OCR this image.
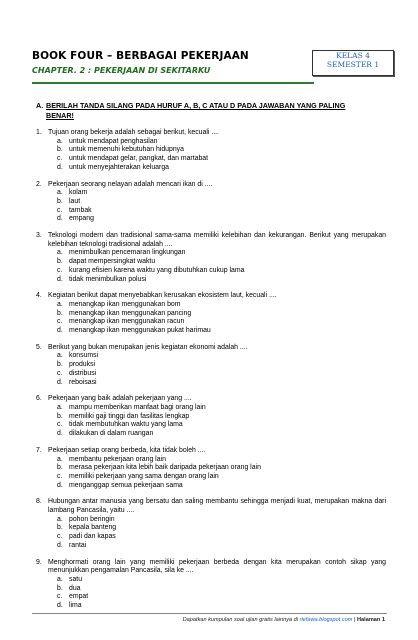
BOOK FOUR – BERBAGAI PEKERJAAN
CHAPTER. 2 : PEKERJAAN DI SEKITARKU
KELAS 4
SEMESTER 1
A. BERILAH TANDA SILANG PADA HURUF A, B, C ATAU D PADA JAWABAN YANG PALING BENAR!
1. Tujuan orang bekerja adalah sebagai berikut, kecuali ....
a. untuk mendapat penghasilan
b. untuk memenuhi kebutuhan hidupnya
c. untuk mendapat gelar, pangkat, dan martabat
d. untuk menyejahterakan keluarga
2. Pekerjaan seorang nelayan adalah mencari ikan di ....
a. kolam
b. laut
c. tambak
d. empang
3. Teknologi modern dan tradisional sama-sama memiliki kelebihan dan kekurangan. Berikut yang merupakan kelebihan teknologi tradisional adalah ....
a. menimbulkan pencemaran lingkungan
b. dapat mempersingkat waktu
c. kurang efisien karena waktu yang dibutuhkan cukup lama
d. tidak menimbulkan polusi
4. Kegiatan berikut dapat menyebabkan kerusakan ekosistem laut, kecuali ....
a. menangkap ikan menggunakan bom
b. menangkap ikan menggunakan pancing
c. menangkap ikan menggunakan racun
d. menangkap ikan menggunakan pukat harimau
5. Berikut yang bukan merupakan jenis kegiatan ekonomi adalah ....
a. konsumsi
b. produksi
c. distribusi
d. reboisasi
6. Pekerjaan yang baik adalah pekerjaan yang ....
a. mampu memberikan manfaat bagi orang lain
b. memiliki gaji tinggi dan fasilitas lengkap
c. tidak membutuhkan waktu yang lama
d. dilakukan di dalam ruangan
7. Pekerjaan setiap orang berbeda, kita tidak boleh ....
a. membantu pekerjaan orang lain
b. merasa pekerjaan kita lebih baik daripada pekerjaan orang lain
c. memiliki pekerjaan yang sama dengan orang lain
d. menganggap semua pekerjaan sama
8. Hubungan antar manusia yang bersatu dan saling membantu sehingga menjadi kuat, merupakan makna dari lambang Pancasila, yaitu ....
a. pohon beringin
b. kepala banteng
c. padi dan kapas
d. rantai
9. Menghormati orang lain yang memiliki pekerjaan berbeda dengan kita merupakan contoh sikap yang menunjukkan pengamalan Pancasila, sila ke ....
a. satu
b. dua
c. empat
d. lima
Dapatkan kumpulan soal ujian gratis lainnya di riefawa.blogspot.com | Halaman 1
